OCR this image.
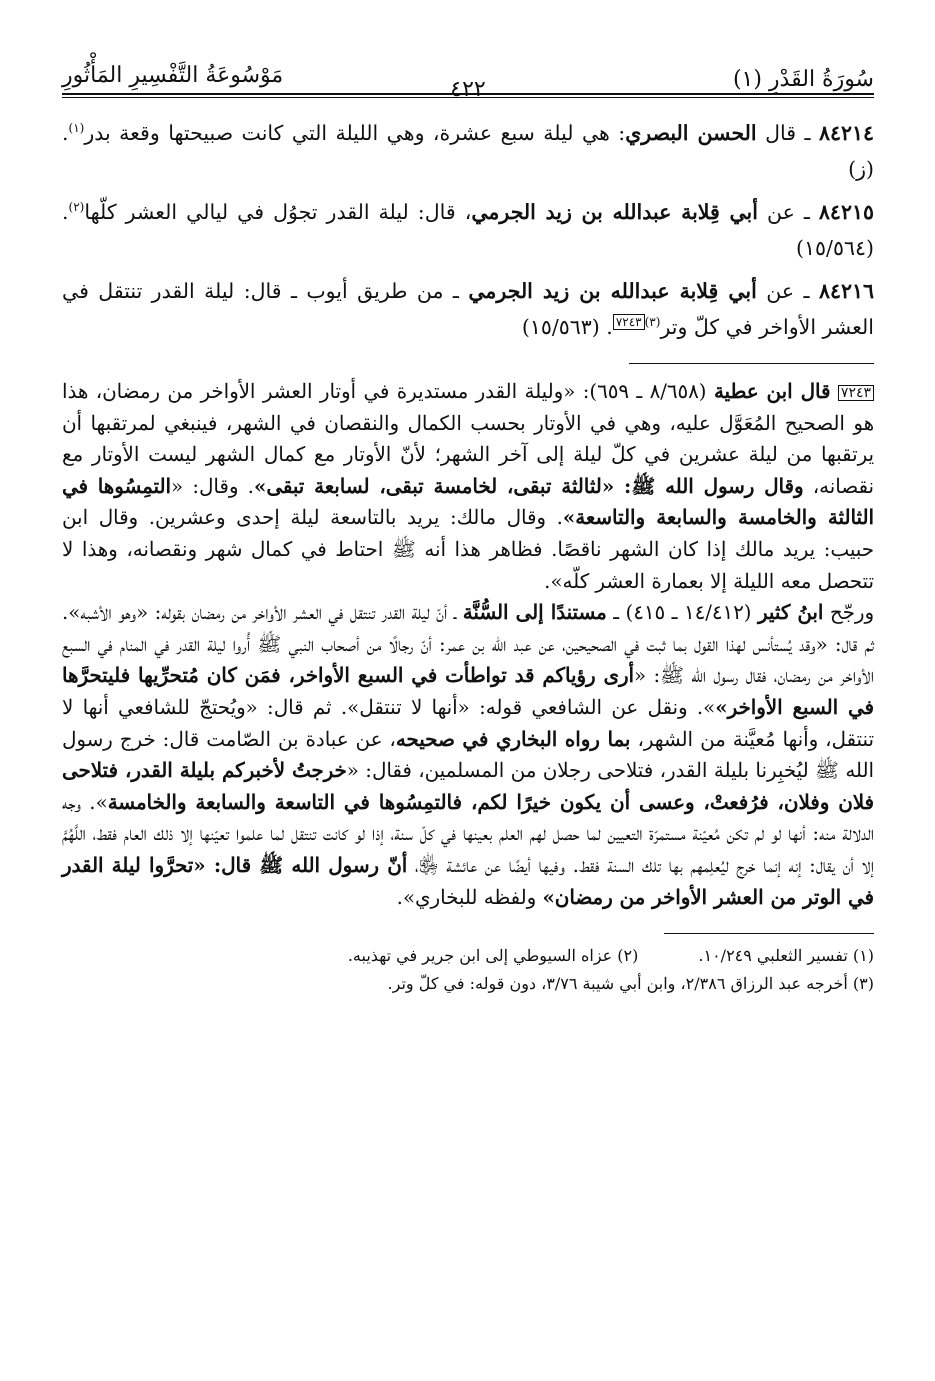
سُورَةُ القَدْرِ (١)
٤٢٢
مَوْسُوعَةُ التَّفْسِيرِ المَأْثُورِ

٨٤٢١٤ ـ قال الحسن البصري: هي ليلة سبع عشرة، وهي الليلة التي كانت صبيحتها وقعة بدر$^{(١)}$. (ز)

٨٤٢١٥ ـ عن أبي قِلابة عبدالله بن زيد الجرمي، قال: ليلة القدر تجوُل في ليالي العشر كلّها$^{(٢)}$. (١٥/٥٦٤)

٨٤٢١٦ ـ عن أبي قِلابة عبدالله بن زيد الجرمي ـ من طريق أيوب ـ قال: ليلة القدر تنتقل في العشر الأواخر في كلّ وتر$^{(٣)}$٧٢٤٣. (١٥/٥٦٣)

٧٢٤٣ قال ابن عطية (٨/٦٥٨ ـ ٦٥٩): «وليلة القدر مستديرة في أوتار العشر الأواخر من رمضان، هذا هو الصحيح المُعَوَّل عليه، وهي في الأوتار بحسب الكمال والنقصان في الشهر، فينبغي لمرتقبها أن يرتقبها من ليلة عشرين في كلّ ليلة إلى آخر الشهر؛ لأنّ الأوتار مع كمال الشهر ليست الأوتار مع نقصانه، وقال رسول الله ﷺ: «لثالثة تبقى، لخامسة تبقى، لسابعة تبقى». وقال: «التمِسُوها في الثالثة والخامسة والسابعة والتاسعة». وقال مالك: يريد بالتاسعة ليلة إحدى وعشرين. وقال ابن حبيب: يريد مالك إذا كان الشهر ناقصًا. فظاهر هذا أنه ﷺ احتاط في كمال شهر ونقصانه، وهذا لا تتحصل معه الليلة إلا بعمارة العشر كلّه».

ورجّح ابنُ كثير (١٤/٤١٢ ـ ٤١٥) ـ مستندًا إلى السُّنَّة ـ أنّ ليلة القدر تنتقل في العشر الأواخر من رمضان بقوله: «وهو الأشبه». ثم قال: «وقد يُستأنس لهذا القول بما ثبت في الصحيحين، عن عبد الله بن عمر: أنّ رجالًا من أصحاب النبي ﷺ أُروا ليلة القدر في المنام في السبع الأواخر من رمضان، فقال رسول الله ﷺ: «أرى رؤياكم قد تواطأت في السبع الأواخر، فمَن كان مُتحرِّيها فليتحرَّها في السبع الأواخر»». ونقل عن الشافعي قوله: «أنها لا تنتقل». ثم قال: «ويُحتجّ للشافعي أنها لا تنتقل، وأنها مُعيَّنة من الشهر، بما رواه البخاري في صحيحه، عن عبادة بن الصّامت قال: خرج رسول الله ﷺ ليُخبِرنا بليلة القدر، فتلاحى رجلان من المسلمين، فقال: «خرجتُ لأخبركم بليلة القدر، فتلاحى فلان وفلان، فرُفعتْ، وعسى أن يكون خيرًا لكم، فالتمِسُوها في التاسعة والسابعة والخامسة». وجه الدلالة منه: أنها لو لم تكن مُعيّنة مستمرّة التعيين لما حصل لهم العلم بعينها في كلّ سنة، إذا لو كانت تنتقل لما علموا تعيّنها إلا ذلك العام فقط، اللَّهُمَّ إلا أن يقال: إنه إنما خرج ليُعلِمهم بها تلك السنة فقط. وفيها أيضًا عن عائشة ﵂، أنّ رسول الله ﷺ قال: «تحرَّوا ليلة القدر في الوتر من العشر الأواخر من رمضان» ولفظه للبخاري».

(١) تفسير الثعلبي ١٠/٢٤٩.
(٢) عزاه السيوطي إلى ابن جرير في تهذيبه.
(٣) أخرجه عبد الرزاق ٢/٣٨٦، وابن أبي شيبة ٣/٧٦، دون قوله: في كلّ وتر.
